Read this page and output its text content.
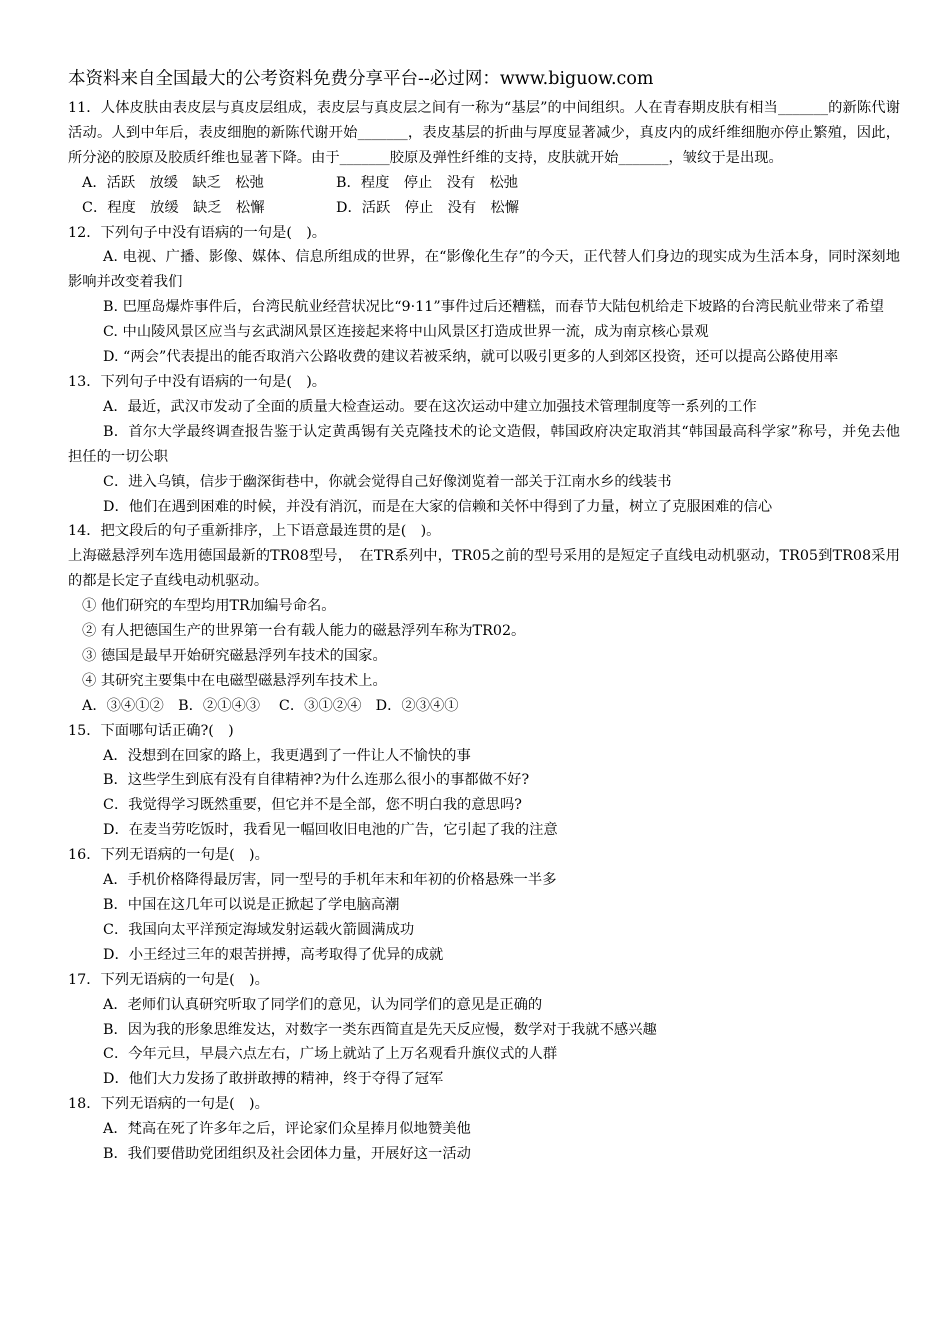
本资料来自全国最大的公考资料免费分享平台--必过网：www.biguow.com

11．人体皮肤由表皮层与真皮层组成，表皮层与真皮层之间有一称为“基层”的中间组织。人在青春期皮肤有相当_______的新陈代谢活动。人到中年后，表皮细胞的新陈代谢开始_______，表皮基层的折曲与厚度显著减少，真皮内的成纤维细胞亦停止繁殖，因此，所分泌的胶原及胶质纤维也显著下降。由于_______胶原及弹性纤维的支持，皮肤就开始_______，皱纹于是出现。

A．活跃　放缓　缺乏　松弛	B．程度　停止　没有　松弛
C．程度　放缓　缺乏　松懈	D．活跃　停止　没有　松懈

12．下列句子中没有语病的一句是(　)。

A. 电视、广播、影像、媒体、信息所组成的世界，在“影像化生存”的今天，正代替人们身边的现实成为生活本身，同时深刻地影响并改变着我们

B. 巴厘岛爆炸事件后，台湾民航业经营状况比“9·11”事件过后还糟糕，而春节大陆包机给走下坡路的台湾民航业带来了希望

C. 中山陵风景区应当与玄武湖风景区连接起来将中山风景区打造成世界一流，成为南京核心景观

D. “两会”代表提出的能否取消六公路收费的建议若被采纳，就可以吸引更多的人到郊区投资，还可以提高公路使用率

13．下列句子中没有语病的一句是(　)。

A．最近，武汉市发动了全面的质量大检查运动。要在这次运动中建立加强技术管理制度等一系列的工作

B．首尔大学最终调查报告鉴于认定黄禹锡有关克隆技术的论文造假，韩国政府决定取消其“韩国最高科学家”称号，并免去他担任的一切公职

C．进入乌镇，信步于幽深街巷中，你就会觉得自己好像浏览着一部关于江南水乡的线装书

D．他们在遇到困难的时候，并没有消沉，而是在大家的信赖和关怀中得到了力量，树立了克服困难的信心

14．把文段后的句子重新排序，上下语意最连贯的是(　)。

上海磁悬浮列车选用德国最新的TR08型号，　在TR系列中，TR05之前的型号采用的是短定子直线电动机驱动，TR05到TR08采用的都是长定子直线电动机驱动。

① 他们研究的车型均用TR加编号命名。

② 有人把德国生产的世界第一台有载人能力的磁悬浮列车称为TR02。

③ 德国是最早开始研究磁悬浮列车技术的国家。

④ 其研究主要集中在电磁型磁悬浮列车技术上。

A．③④①②　B．②①④③　 C．③①②④　D．②③④①

15．下面哪句话正确?(　)

A．没想到在回家的路上，我更遇到了一件让人不愉快的事

B．这些学生到底有没有自律精神?为什么连那么很小的事都做不好?

C．我觉得学习既然重要，但它并不是全部，您不明白我的意思吗?

D．在麦当劳吃饭时，我看见一幅回收旧电池的广告，它引起了我的注意

16．下列无语病的一句是(　)。

A．手机价格降得最厉害，同一型号的手机年末和年初的价格悬殊一半多

B．中国在这几年可以说是正掀起了学电脑高潮

C．我国向太平洋预定海域发射运载火箭圆满成功

D．小王经过三年的艰苦拼搏，高考取得了优异的成就

17．下列无语病的一句是(　)。

A．老师们认真研究听取了同学们的意见，认为同学们的意见是正确的

B．因为我的形象思维发达，对数字一类东西简直是先天反应慢，数学对于我就不感兴趣

C．今年元旦，早晨六点左右，广场上就站了上万名观看升旗仪式的人群

D．他们大力发扬了敢拼敢搏的精神，终于夺得了冠军

18．下列无语病的一句是(　)。

A．梵高在死了许多年之后，评论家们众星捧月似地赞美他

B．我们要借助党团组织及社会团体力量，开展好这一活动
